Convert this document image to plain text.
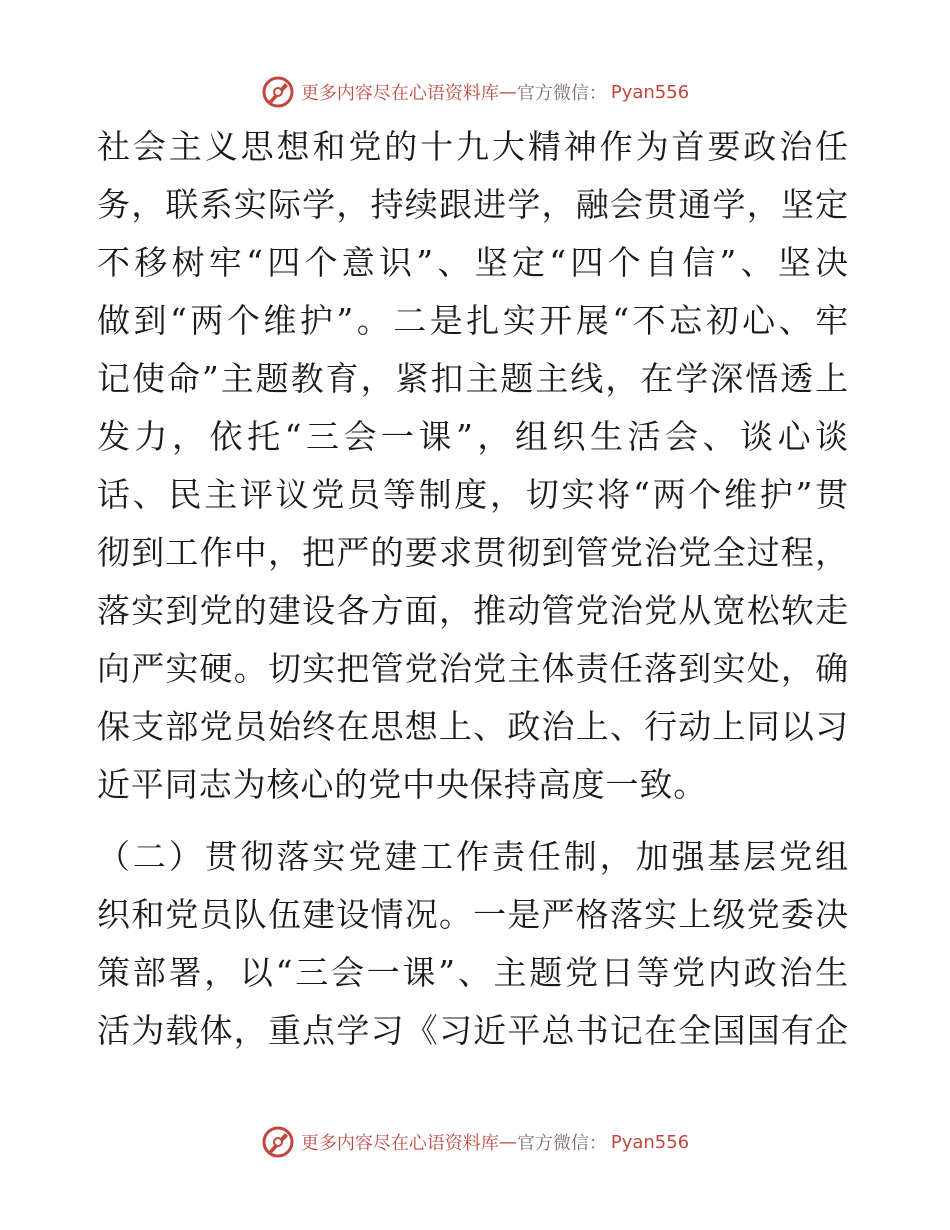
更多内容尽在心语资料库 — 官方微信 ： Pyan556
社会主义思想和党的十九大精神作为首要政治任
务，联系实际学，持续跟进学，融会贯通学，坚定
不移树牢“四个意识”、坚定“四个自信”、坚决
做到“两个维护”。二是扎实开展“不忘初心、牢
记使命”主题教育，紧扣主题主线，在学深悟透上
发力，依托“三会一课”，组织生活会、谈心谈
话、民主评议党员等制度，切实将“两个维护”贯
彻到工作中，把严的要求贯彻到管党治党全过程，
落实到党的建设各方面，推动管党治党从宽松软走
向严实硬。切实把管党治党主体责任落到实处，确
保支部党员始终在思想上、政治上、行动上同以习
近平同志为核心的党中央保持高度一致。
（二）贯彻落实党建工作责任制，加强基层党组
织和党员队伍建设情况。一是严格落实上级党委决
策部署，以“三会一课”、主题党日等党内政治生
活为载体，重点学习《习近平总书记在全国国有企
更多内容尽在心语资料库 — 官方微信 ： Pyan556
